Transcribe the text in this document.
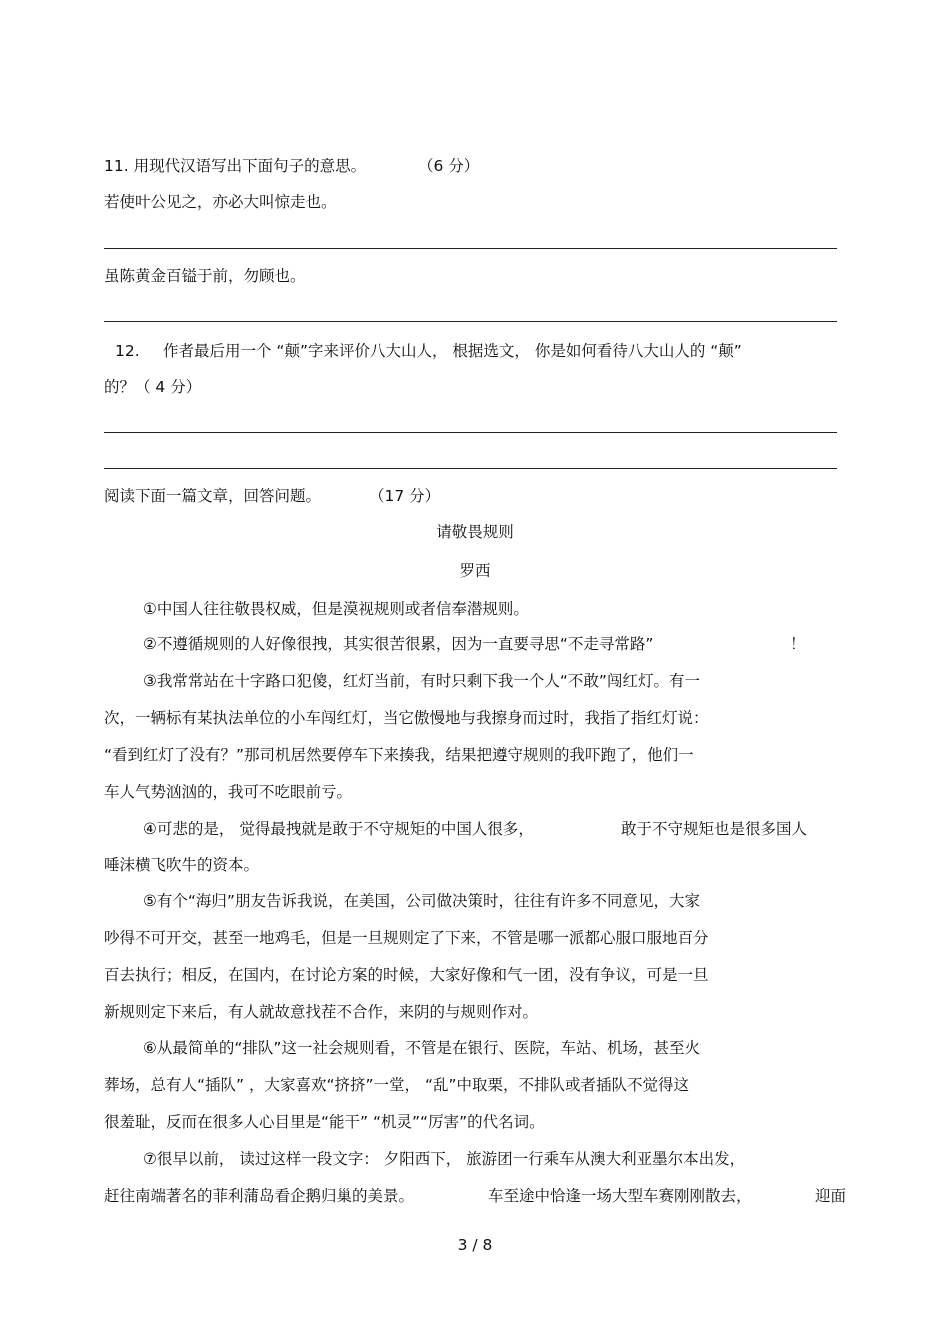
11. 用现代汉语写出下面句子的意思。	（6 分）
若使叶公见之，亦必大叫惊走也。
虽陈黄金百镒于前，勿顾也。
12. 作者最后用一个 “颠”字来评价八大山人， 根据选文， 你是如何看待八大山人的 “颠”
的？（ 4 分）
阅读下面一篇文章，回答问题。	（17 分）
请敬畏规则
罗西
①中国人往往敬畏权威，但是漠视规则或者信奉潜规则。
②不遵循规则的人好像很拽，其实很苦很累，因为一直要寻思“不走寻常路”	！
③我常常站在十字路口犯傻，红灯当前，有时只剩下我一个人“不敢”闯红灯。有一
次，一辆标有某执法单位的小车闯红灯，当它傲慢地与我擦身而过时，我指了指红灯说：
“看到红灯了没有？”那司机居然要停车下来揍我，结果把遵守规则的我吓跑了，他们一
车人气势汹汹的，我可不吃眼前亏。
④可悲的是， 觉得最拽就是敢于不守规矩的中国人很多，	敢于不守规矩也是很多国人
唾沫横飞吹牛的资本。
⑤有个“海归”朋友告诉我说，在美国，公司做决策时，往往有许多不同意见，大家
吵得不可开交，甚至一地鸡毛，但是一旦规则定了下来，不管是哪一派都心服口服地百分
百去执行；相反，在国内，在讨论方案的时候，大家好像和气一团，没有争议，可是一旦
新规则定下来后，有人就故意找茬不合作，来阴的与规则作对。
⑥从最简单的“排队”这一社会规则看，不管是在银行、医院，车站、机场，甚至火
葬场，总有人“插队” ，大家喜欢“挤挤”一堂， “乱”中取栗，不排队或者插队不觉得这
很羞耻，反而在很多人心目里是“能干” “机灵”“厉害”的代名词。
⑦很早以前， 读过这样一段文字： 夕阳西下， 旅游团一行乘车从澳大利亚墨尔本出发，
赶往南端著名的菲利蒲岛看企鹅归巢的美景。	车至途中恰逢一场大型车赛刚刚散去，	迎面
3 / 8
